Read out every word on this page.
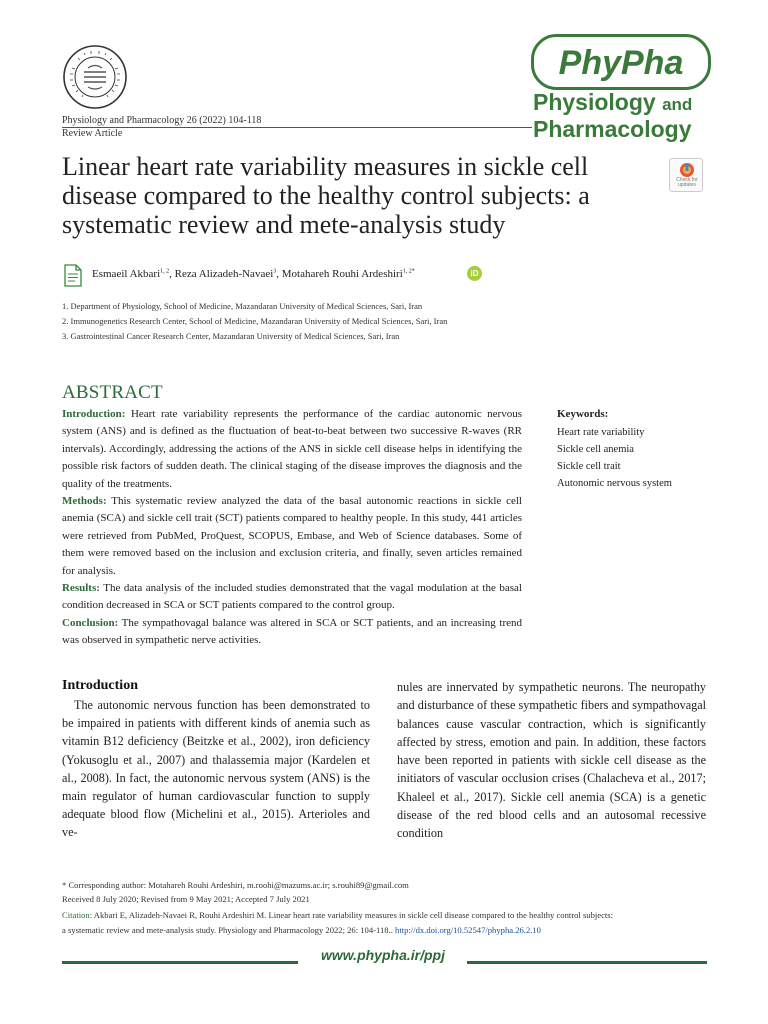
Physiology and Pharmacology 26 (2022) 104-118
Review Article
PhyPha
Physiology and
Pharmacology
Linear heart rate variability measures in sickle cell disease compared to the healthy control subjects: a systematic review and mete-analysis study
Check for updates
Esmaeil Akbari$^{1, 2}$, Reza Alizadeh-Navaei$^3$, Motahareh Rouhi Ardeshiri$^{1, 2*}$	iD
1. Department of Physiology, School of Medicine, Mazandaran University of Medical Sciences, Sari, Iran
2. Immunogenetics Research Center, School of Medicine, Mazandaran University of Medical Sciences, Sari, Iran
3. Gastrointestinal Cancer Research Center, Mazandaran University of Medical Sciences, Sari, Iran
ABSTRACT

Introduction: Heart rate variability represents the performance of the cardiac autonomic nervous system (ANS) and is defined as the fluctuation of beat-to-beat between two successive R-waves (RR intervals). Accordingly, addressing the actions of the ANS in sickle cell disease helps in identifying the possible risk factors of sudden death. The clinical staging of the disease improves the diagnosis and the quality of the treatments.

Methods: This systematic review analyzed the data of the basal autonomic reactions in sickle cell anemia (SCA) and sickle cell trait (SCT) patients compared to healthy people. In this study, 441 articles were retrieved from PubMed, ProQuest, SCOPUS, Embase, and Web of Science databases. Some of them were removed based on the inclusion and exclusion criteria, and finally, seven articles remained for analysis.

Results: The data analysis of the included studies demonstrated that the vagal modulation at the basal condition decreased in SCA or SCT patients compared to the control group.

Conclusion: The sympathovagal balance was altered in SCA or SCT patients, and an increasing trend was observed in sympathetic nerve activities.

Keywords:
Heart rate variability
Sickle cell anemia
Sickle cell trait
Autonomic nervous system
Introduction
The autonomic nervous function has been demonstrated to be impaired in patients with different kinds of anemia such as vitamin B12 deficiency (Beitzke et al., 2002), iron deficiency (Yokusoglu et al., 2007) and thalassemia major (Kardelen et al., 2008). In fact, the autonomic nervous system (ANS) is the main regulator of human cardiovascular function to supply adequate blood flow (Michelini et al., 2015). Arterioles and ve-
nules are innervated by sympathetic neurons. The neuropathy and disturbance of these sympathetic fibers and sympathovagal balances cause vascular contraction, which is significantly affected by stress, emotion and pain. In addition, these factors have been reported in patients with sickle cell disease as the initiators of vascular occlusion crises (Chalacheva et al., 2017; Khaleel et al., 2017). Sickle cell anemia (SCA) is a genetic disease of the red blood cells and an autosomal recessive condition
* Corresponding author: Motahareh Rouhi Ardeshiri, m.roohi@mazums.ac.ir; s.rouhi89@gmail.com
Received 8 July 2020; Revised from 9 May 2021; Accepted 7 July 2021
Citation: Akbari E, Alizadeh-Navaei R, Rouhi Ardeshiri M. Linear heart rate variability measures in sickle cell disease compared to the healthy control subjects:
a systematic review and mete-analysis study. Physiology and Pharmacology 2022; 26: 104-118.. http://dx.doi.org/10.52547/phypha.26.2.10
www.phypha.ir/ppj
